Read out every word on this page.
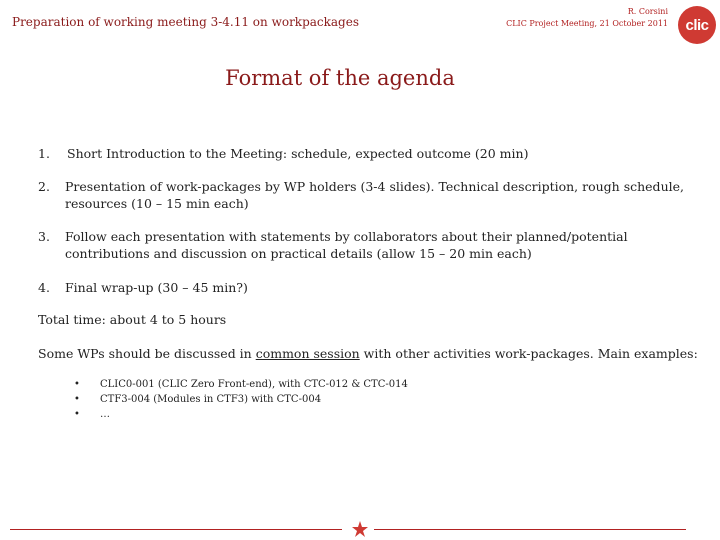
Preparation of working meeting 3-4.11 on workpackages
R. Corsini
CLIC Project Meeting, 21 October 2011 clic
Format of the agenda
1. Short Introduction to the Meeting: schedule, expected outcome (20 min)
2. Presentation of work-packages by WP holders (3-4 slides). Technical description, rough schedule,
resources (10 – 15 min each)
3. Follow each presentation with statements by collaborators about their planned/potential
contributions and discussion on practical details (allow 15 – 20 min each)
4. Final wrap-up (30 – 45 min?)
Total time: about 4 to 5 hours
Some WPs should be discussed in common session with other activities work-packages. Main examples:
• CLIC0-001 (CLIC Zero Front-end), with CTC-012 & CTC-014
• CTF3-004 (Modules in CTF3) with CTC-004
• …
